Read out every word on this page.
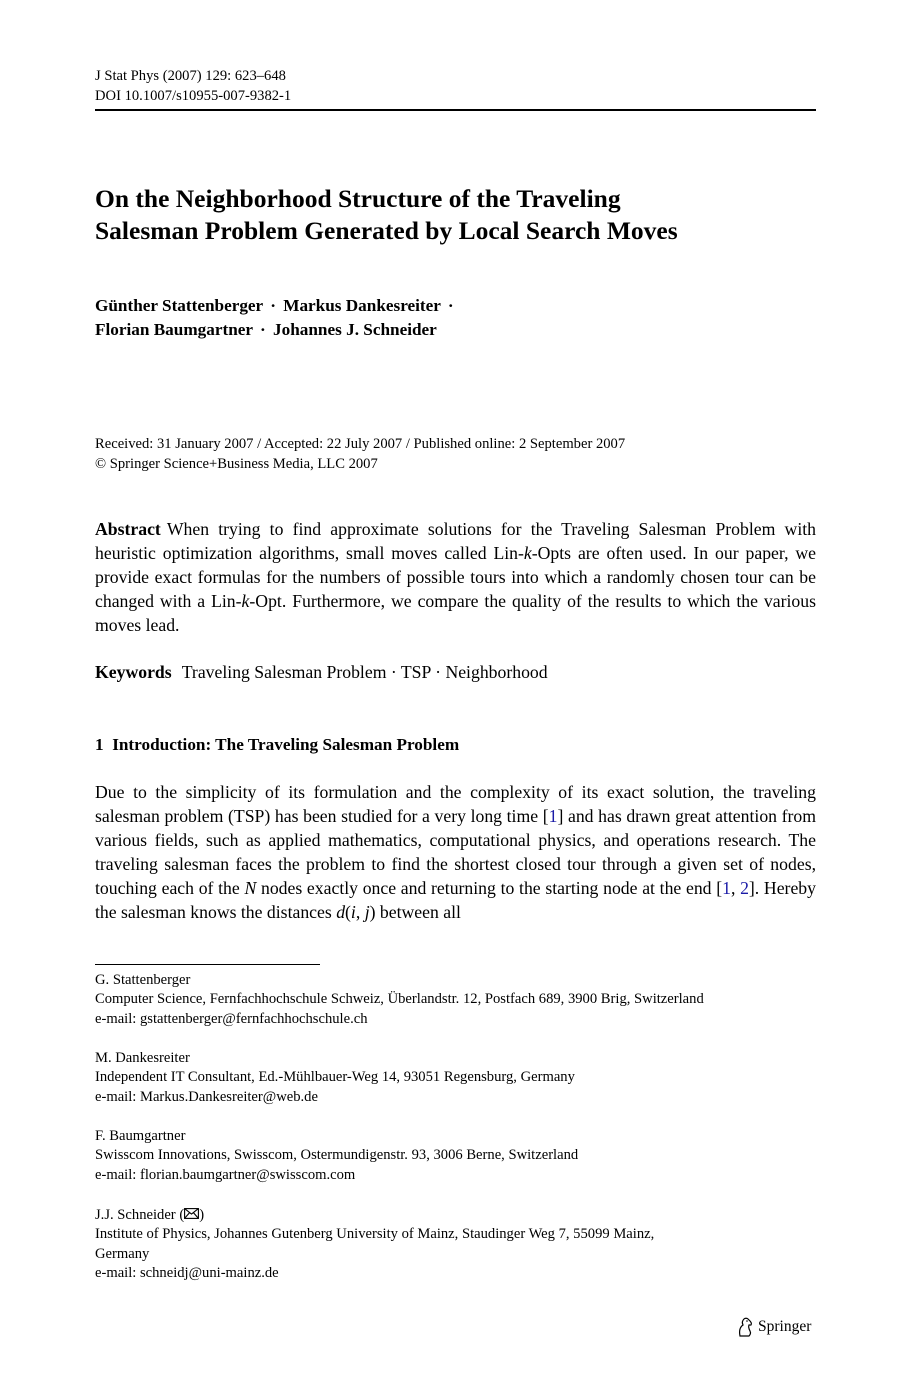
J Stat Phys (2007) 129: 623–648
DOI 10.1007/s10955-007-9382-1
On the Neighborhood Structure of the Traveling
Salesman Problem Generated by Local Search Moves
Günther Stattenberger · Markus Dankesreiter ·
Florian Baumgartner · Johannes J. Schneider
Received: 31 January 2007 / Accepted: 22 July 2007 / Published online: 2 September 2007
© Springer Science+Business Media, LLC 2007
Abstract When trying to find approximate solutions for the Traveling Salesman Problem with heuristic optimization algorithms, small moves called Lin-k-Opts are often used. In our paper, we provide exact formulas for the numbers of possible tours into which a randomly chosen tour can be changed with a Lin-k-Opt. Furthermore, we compare the quality of the results to which the various moves lead.
Keywords Traveling Salesman Problem · TSP · Neighborhood
1 Introduction: The Traveling Salesman Problem
Due to the simplicity of its formulation and the complexity of its exact solution, the traveling salesman problem (TSP) has been studied for a very long time [1] and has drawn great attention from various fields, such as applied mathematics, computational physics, and operations research. The traveling salesman faces the problem to find the shortest closed tour through a given set of nodes, touching each of the N nodes exactly once and returning to the starting node at the end [1, 2]. Hereby the salesman knows the distances d(i, j) between all
G. Stattenberger
Computer Science, Fernfachhochschule Schweiz, Überlandstr. 12, Postfach 689, 3900 Brig, Switzerland
e-mail: gstattenberger@fernfachhochschule.ch
M. Dankesreiter
Independent IT Consultant, Ed.-Mühlbauer-Weg 14, 93051 Regensburg, Germany
e-mail: Markus.Dankesreiter@web.de
F. Baumgartner
Swisscom Innovations, Swisscom, Ostermundigenstr. 93, 3006 Berne, Switzerland
e-mail: florian.baumgartner@swisscom.com
J.J. Schneider ( )
Institute of Physics, Johannes Gutenberg University of Mainz, Staudinger Weg 7, 55099 Mainz,
Germany
e-mail: schneidj@uni-mainz.de
Springer
